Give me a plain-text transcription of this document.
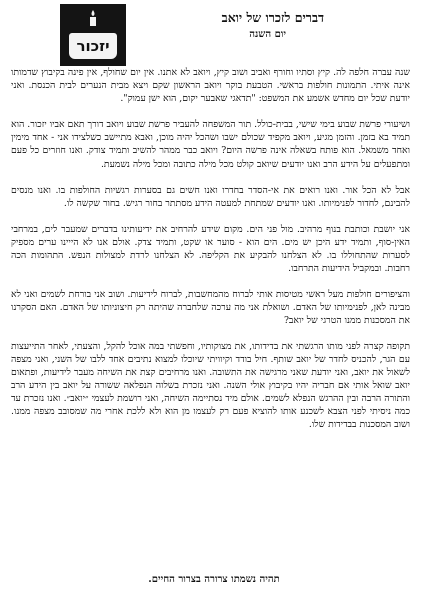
יזכור
דברים לזכרו של יואב
יום השנה

שנה עברה חלפה לה. קיץ וסתיו וחורף ואביב ושוב קיץ, ויואב לא אתנו. אין יום שחולף, אין פינה בקיבוץ שדמותו אינה איתי. התמונות חולפות בראשי. הטבעת בוקר ויואב הראשון שקם ויצא מבית הנערים לבית הכנסת. ואני יודעת שכל יום מחדש אשמע את המשפט: "תדאגי שאבער יקום, הוא ישן עמוק".

ושיעורי פרשת שבוע בימי שישי, בבית-כולל. תור המשפחה להעביר פרשת שבוע ויואב דורך תאם אביו יזכור. הוא תמיד בא בזמן. והזמן מגיע, ויואב מקפיד שכולם ישבו ושהכל יהיה מוכן, ואבא מתיישב כשלצידו אני - אחד מימין ואחד משמאל. הוא פותח בשאלה אינה פרשה היום? ויואב כבר ממהר להשיב ותמיד צודק. ואנו חוזרים כל פעם ומתפעלים על הידע הרב ואנו יודעים שיואב קולט מכל מילה כתובה ומכל מילה נשמעת.

אבל לא הכל אור. ואנו רואים את אי-הסדר בחדרו ואנו חשים גם בסערות רגשיות החולפות בו. ואנו מנסים להבינם, לחדור לפנימיותו. ואנו יודעים שמתחת למעטה הידע מסתתר בחור רגיש. בחור שקשה לו.

אני יושבת וכותבת בנוף מרהיב. מול פני הים. מקום שידע להרחיב את ידיעותינו בדברים שמעבר לים, במרחבי האין-סוף, ותמיד ידע היכן יש מים. הים הוא - סוער או שקט, ותמיד צדק. אולם אנו לא הייינו ערים מספיק לסערות שהתחוללו בו. לא הצלחנו להבקיע את הקליפה. לא הצלחנו לרדת למצולות הנפש. התהומות הכה רחבות. ובמקביל הידיעות התרחבו.

והציפורים חולפות מעל ראשי מטיסות אותי לברוח מהמחשבות, לברוח לידיעות. ושוב אני בורחת לשמים ואני לא מבינה לאן, לפנימיותו של האדם. ושואלת אני מה ערכה שלחברה שהיתה רק חיצוניותו של האדם. האם הסקרנו את המסכנות ממנו הטרגי של יואב?

תקופה קצרה לפני מותו הרגשתי את בדידותו, את מצוקותיו, וחפשתי במה אוכל להקל, והצעתי, לאחר התייעצות עם הגר, להכניס לחדר של יואב שותף. חיל בודד וקיוויתי שיוכלו למצוא נתיבים אחד ללבו של השני, ואני מצפה לשאול את יואב, ואני יודעת שאני מרגישה את התשובה. ואנו מרחיבים קצת את השיחה מעבר לידיעות, ופתאום יואב שואל אותי אם חבריה יהיו בקיבוץ אולי השנה. ואני נזכרת בשלוה הנפלאה ששורה על יואב בין הידע הרב והתורה הרבה ובין ההרגש הנפלא לשמים. אולם מיד נסתיימה השיחה, ואני רושמת לעצמי ״יואב״. ואנו נזכרת עד כמה ניסיתי לפני הצבא לשכנע אותו להוציא פעם רק לעצמו מן הוא ולא ללכת אחרי מה שמסובב מצפה ממנו. ושוב המסכנות בבדידות שלו.

תהיה נשמתו צרורה בצרור החיים.
